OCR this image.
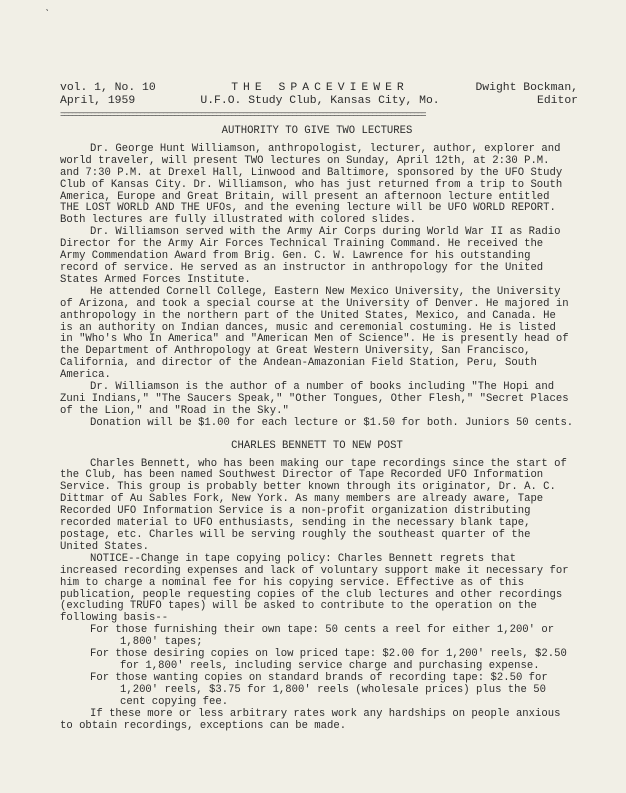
ˋ
vol. 1, No. 10
April, 1959
THE SPACEVIEWER
U.F.O. Study Club, Kansas City, Mo.
Dwight Bockman,
Editor
================================================================================================

AUTHORITY TO GIVE TWO LECTURES

Dr. George Hunt Williamson, anthropologist, lecturer, author, explorer and world traveler, will present TWO lectures on Sunday, April 12th, at 2:30 P.M. and 7:30 P.M. at Drexel Hall, Linwood and Baltimore, sponsored by the UFO Study Club of Kansas City. Dr. Williamson, who has just returned from a trip to South America, Europe and Great Britain, will present an afternoon lecture entitled THE LOST WORLD AND THE UFOs, and the evening lecture will be UFO WORLD REPORT. Both lectures are fully illustrated with colored slides.

Dr. Williamson served with the Army Air Corps during World War II as Radio Director for the Army Air Forces Technical Training Command. He received the Army Commendation Award from Brig. Gen. C. W. Lawrence for his outstanding record of service. He served as an instructor in anthropology for the United States Armed Forces Institute.

He attended Cornell College, Eastern New Mexico University, the University of Arizona, and took a special course at the University of Denver. He majored in anthropology in the northern part of the United States, Mexico, and Canada. He is an authority on Indian dances, music and ceremonial costuming. He is listed in "Who's Who In America" and "American Men of Science". He is presently head of the Department of Anthropology at Great Western University, San Francisco, California, and director of the Andean-Amazonian Field Station, Peru, South America.

Dr. Williamson is the author of a number of books including "The Hopi and Zuni Indians," "The Saucers Speak," "Other Tongues, Other Flesh," "Secret Places of the Lion," and "Road in the Sky."

Donation will be $1.00 for each lecture or $1.50 for both. Juniors 50 cents.

CHARLES BENNETT TO NEW POST

Charles Bennett, who has been making our tape recordings since the start of the Club, has been named Southwest Director of Tape Recorded UFO Information Service. This group is probably better known through its originator, Dr. A. C. Dittmar of Au Sables Fork, New York. As many members are already aware, Tape Recorded UFO Information Service is a non-profit organization distributing recorded material to UFO enthusiasts, sending in the necessary blank tape, postage, etc. Charles will be serving roughly the southeast quarter of the United States.

NOTICE--Change in tape copying policy: Charles Bennett regrets that increased recording expenses and lack of voluntary support make it necessary for him to charge a nominal fee for his copying service. Effective as of this publication, people requesting copies of the club lectures and other recordings (excluding TRUFO tapes) will be asked to contribute to the operation on the following basis--

For those furnishing their own tape: 50 cents a reel for either 1,200' or 1,800' tapes;

For those desiring copies on low priced tape: $2.00 for 1,200' reels, $2.50 for 1,800' reels, including service charge and purchasing expense.

For those wanting copies on standard brands of recording tape: $2.50 for 1,200' reels, $3.75 for 1,800' reels (wholesale prices) plus the 50 cent copying fee.

If these more or less arbitrary rates work any hardships on people anxious to obtain recordings, exceptions can be made.
